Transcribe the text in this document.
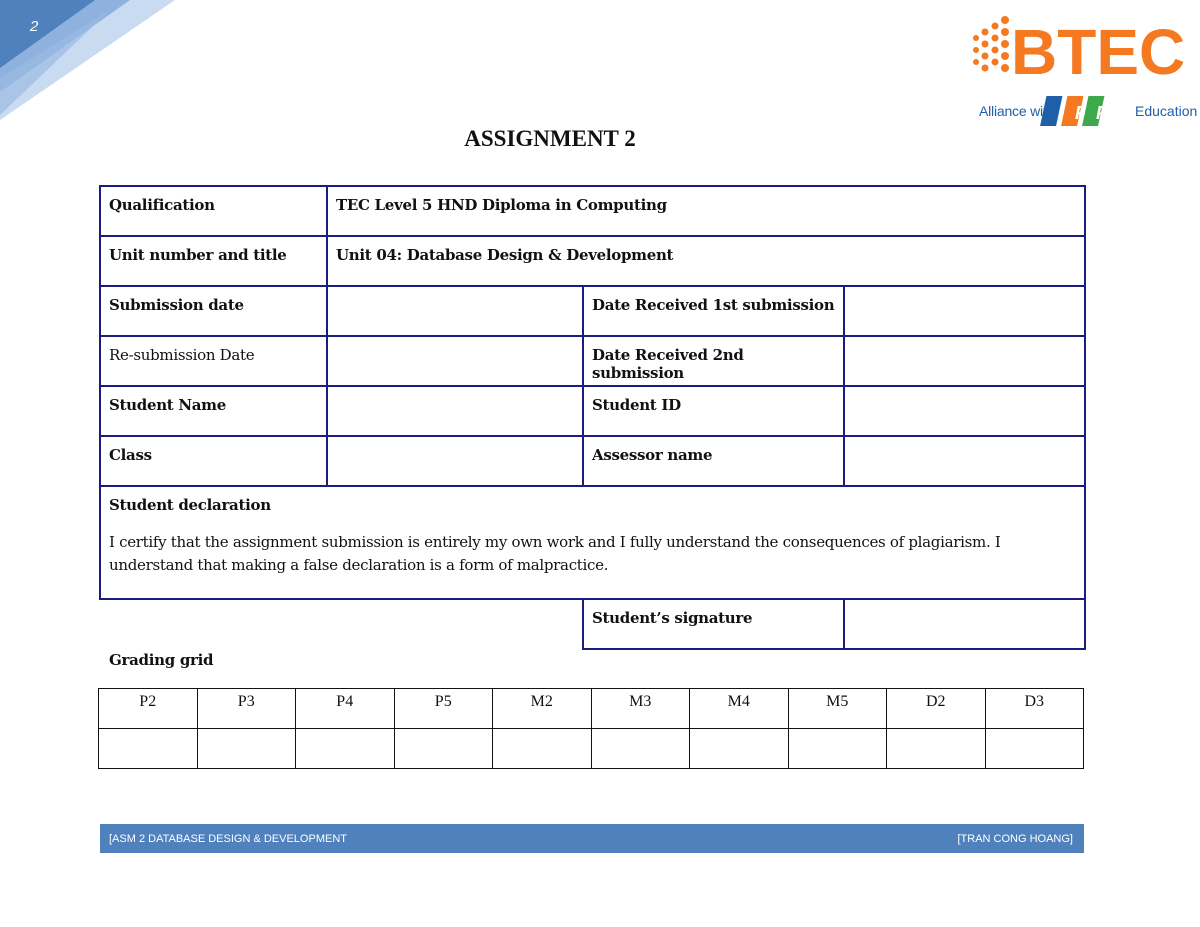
2	BTEC
F P T
Alliance with	Education
ASSIGNMENT 2
Qualification	TEC Level 5 HND Diploma in Computing		
Unit number and title	Unit 04: Database Design & Development		
Submission date		Date Received 1st submission	
Re-submission Date		Date Received 2nd submission	
Student Name		Student ID	
Class		Assessor name	

Student declaration
I certify that the assignment submission is entirely my own work and I fully understand the consequences of plagiarism. I understand that making a false declaration is a form of malpractice.			

		Student’s signature	
Grading grid
P2	P3	P4	P5	M2	M3	M4	M5	D2	D3

[ASM 2 DATABASE DESIGN & DEVELOPMENT	[TRAN CONG HOANG]
